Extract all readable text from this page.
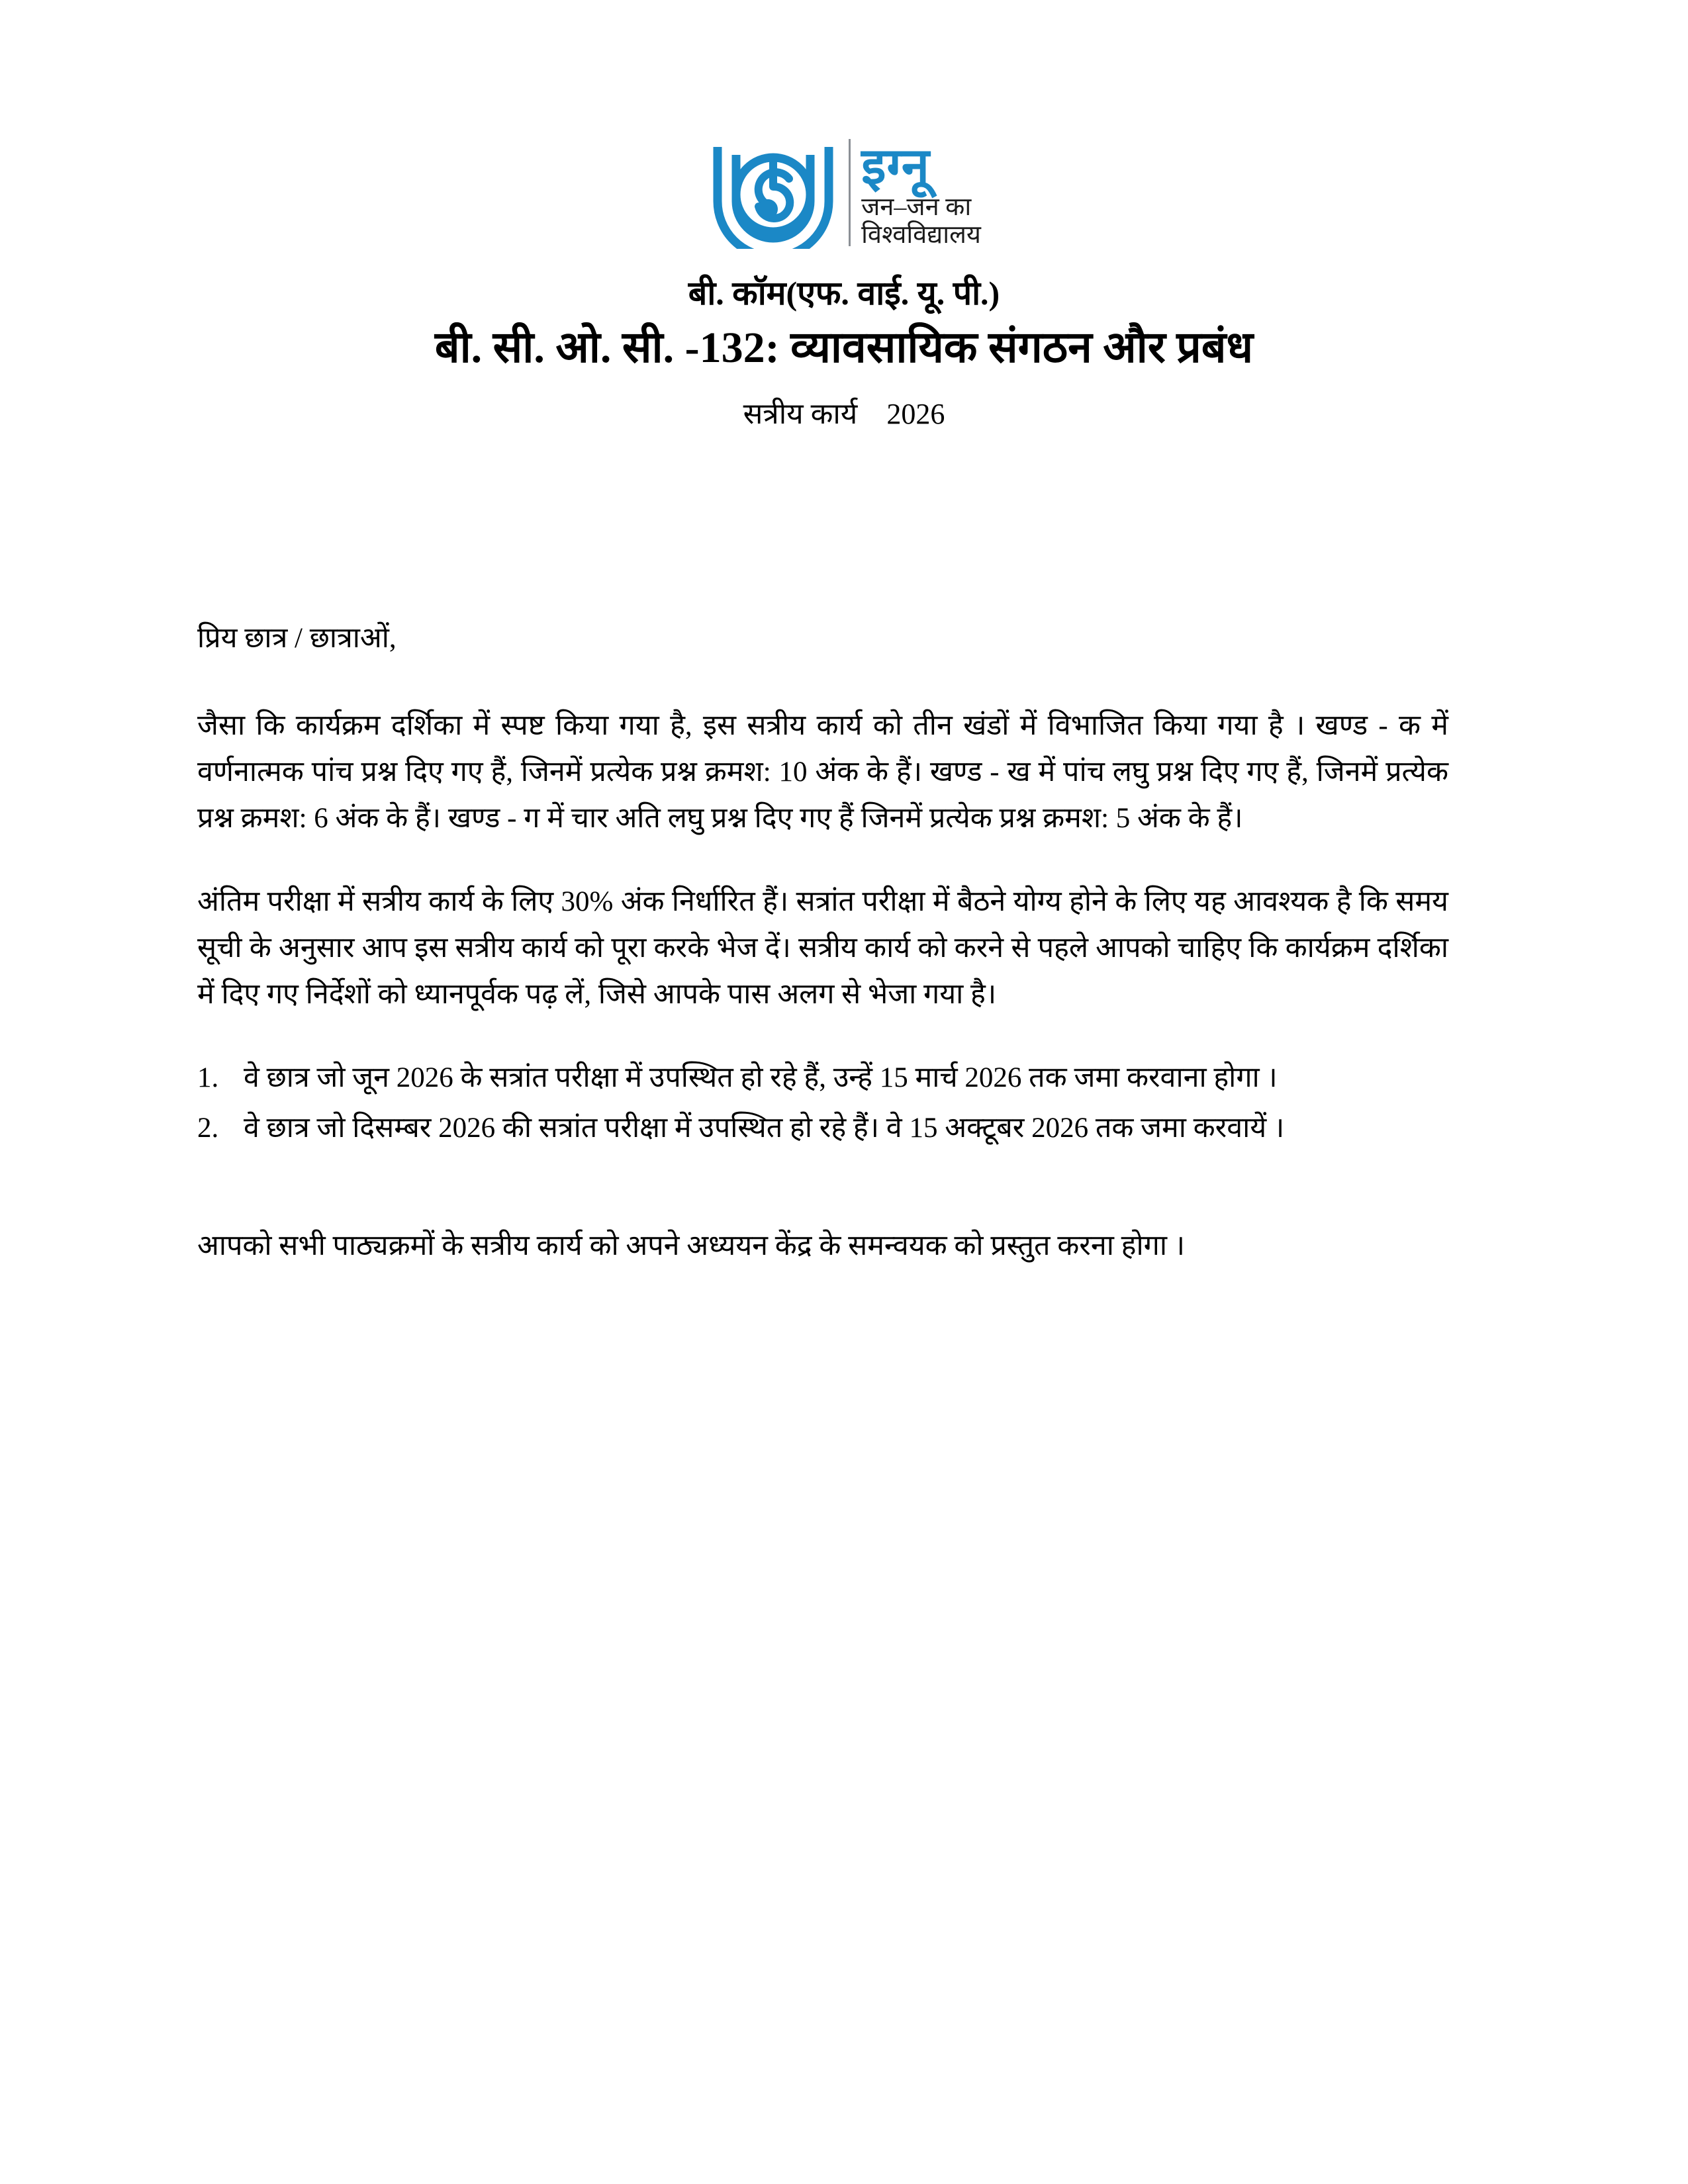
इग्नू
जन–जन का
विश्वविद्यालय
बी. कॉम(एफ. वाई. यू. पी.)
बी. सी. ओ. सी. -132: व्यावसायिक संगठन और प्रबंध
सत्रीय कार्य 2026

प्रिय छात्र / छात्राओं,

जैसा कि कार्यक्रम दर्शिका में स्पष्ट किया गया है, इस सत्रीय कार्य को तीन खंडों में विभाजित किया गया है । खण्ड - क में वर्णनात्मक पांच प्रश्न दिए गए हैं, जिनमें प्रत्येक प्रश्न क्रमश: 10 अंक के हैं। खण्ड - ख में पांच लघु प्रश्न दिए गए हैं, जिनमें प्रत्येक प्रश्न क्रमश: 6 अंक के हैं। खण्ड - ग में चार अति लघु प्रश्न दिए गए हैं जिनमें प्रत्येक प्रश्न क्रमश: 5 अंक के हैं।

अंतिम परीक्षा में सत्रीय कार्य के लिए 30% अंक निर्धारित हैं। सत्रांत परीक्षा में बैठने योग्य होने के लिए यह आवश्यक है कि समय सूची के अनुसार आप इस सत्रीय कार्य को पूरा करके भेज दें। सत्रीय कार्य को करने से पहले आपको चाहिए कि कार्यक्रम दर्शिका में दिए गए निर्देशों को ध्यानपूर्वक पढ़ लें, जिसे आपके पास अलग से भेजा गया है।

1. वे छात्र जो जून 2026 के सत्रांत परीक्षा में उपस्थित हो रहे हैं, उन्हें 15 मार्च 2026 तक जमा करवाना होगा ।
2. वे छात्र जो दिसम्बर 2026 की सत्रांत परीक्षा में उपस्थित हो रहे हैं। वे 15 अक्टूबर 2026 तक जमा करवायें ।

आपको सभी पाठ्यक्रमों के सत्रीय कार्य को अपने अध्ययन केंद्र के समन्वयक को प्रस्तुत करना होगा ।
